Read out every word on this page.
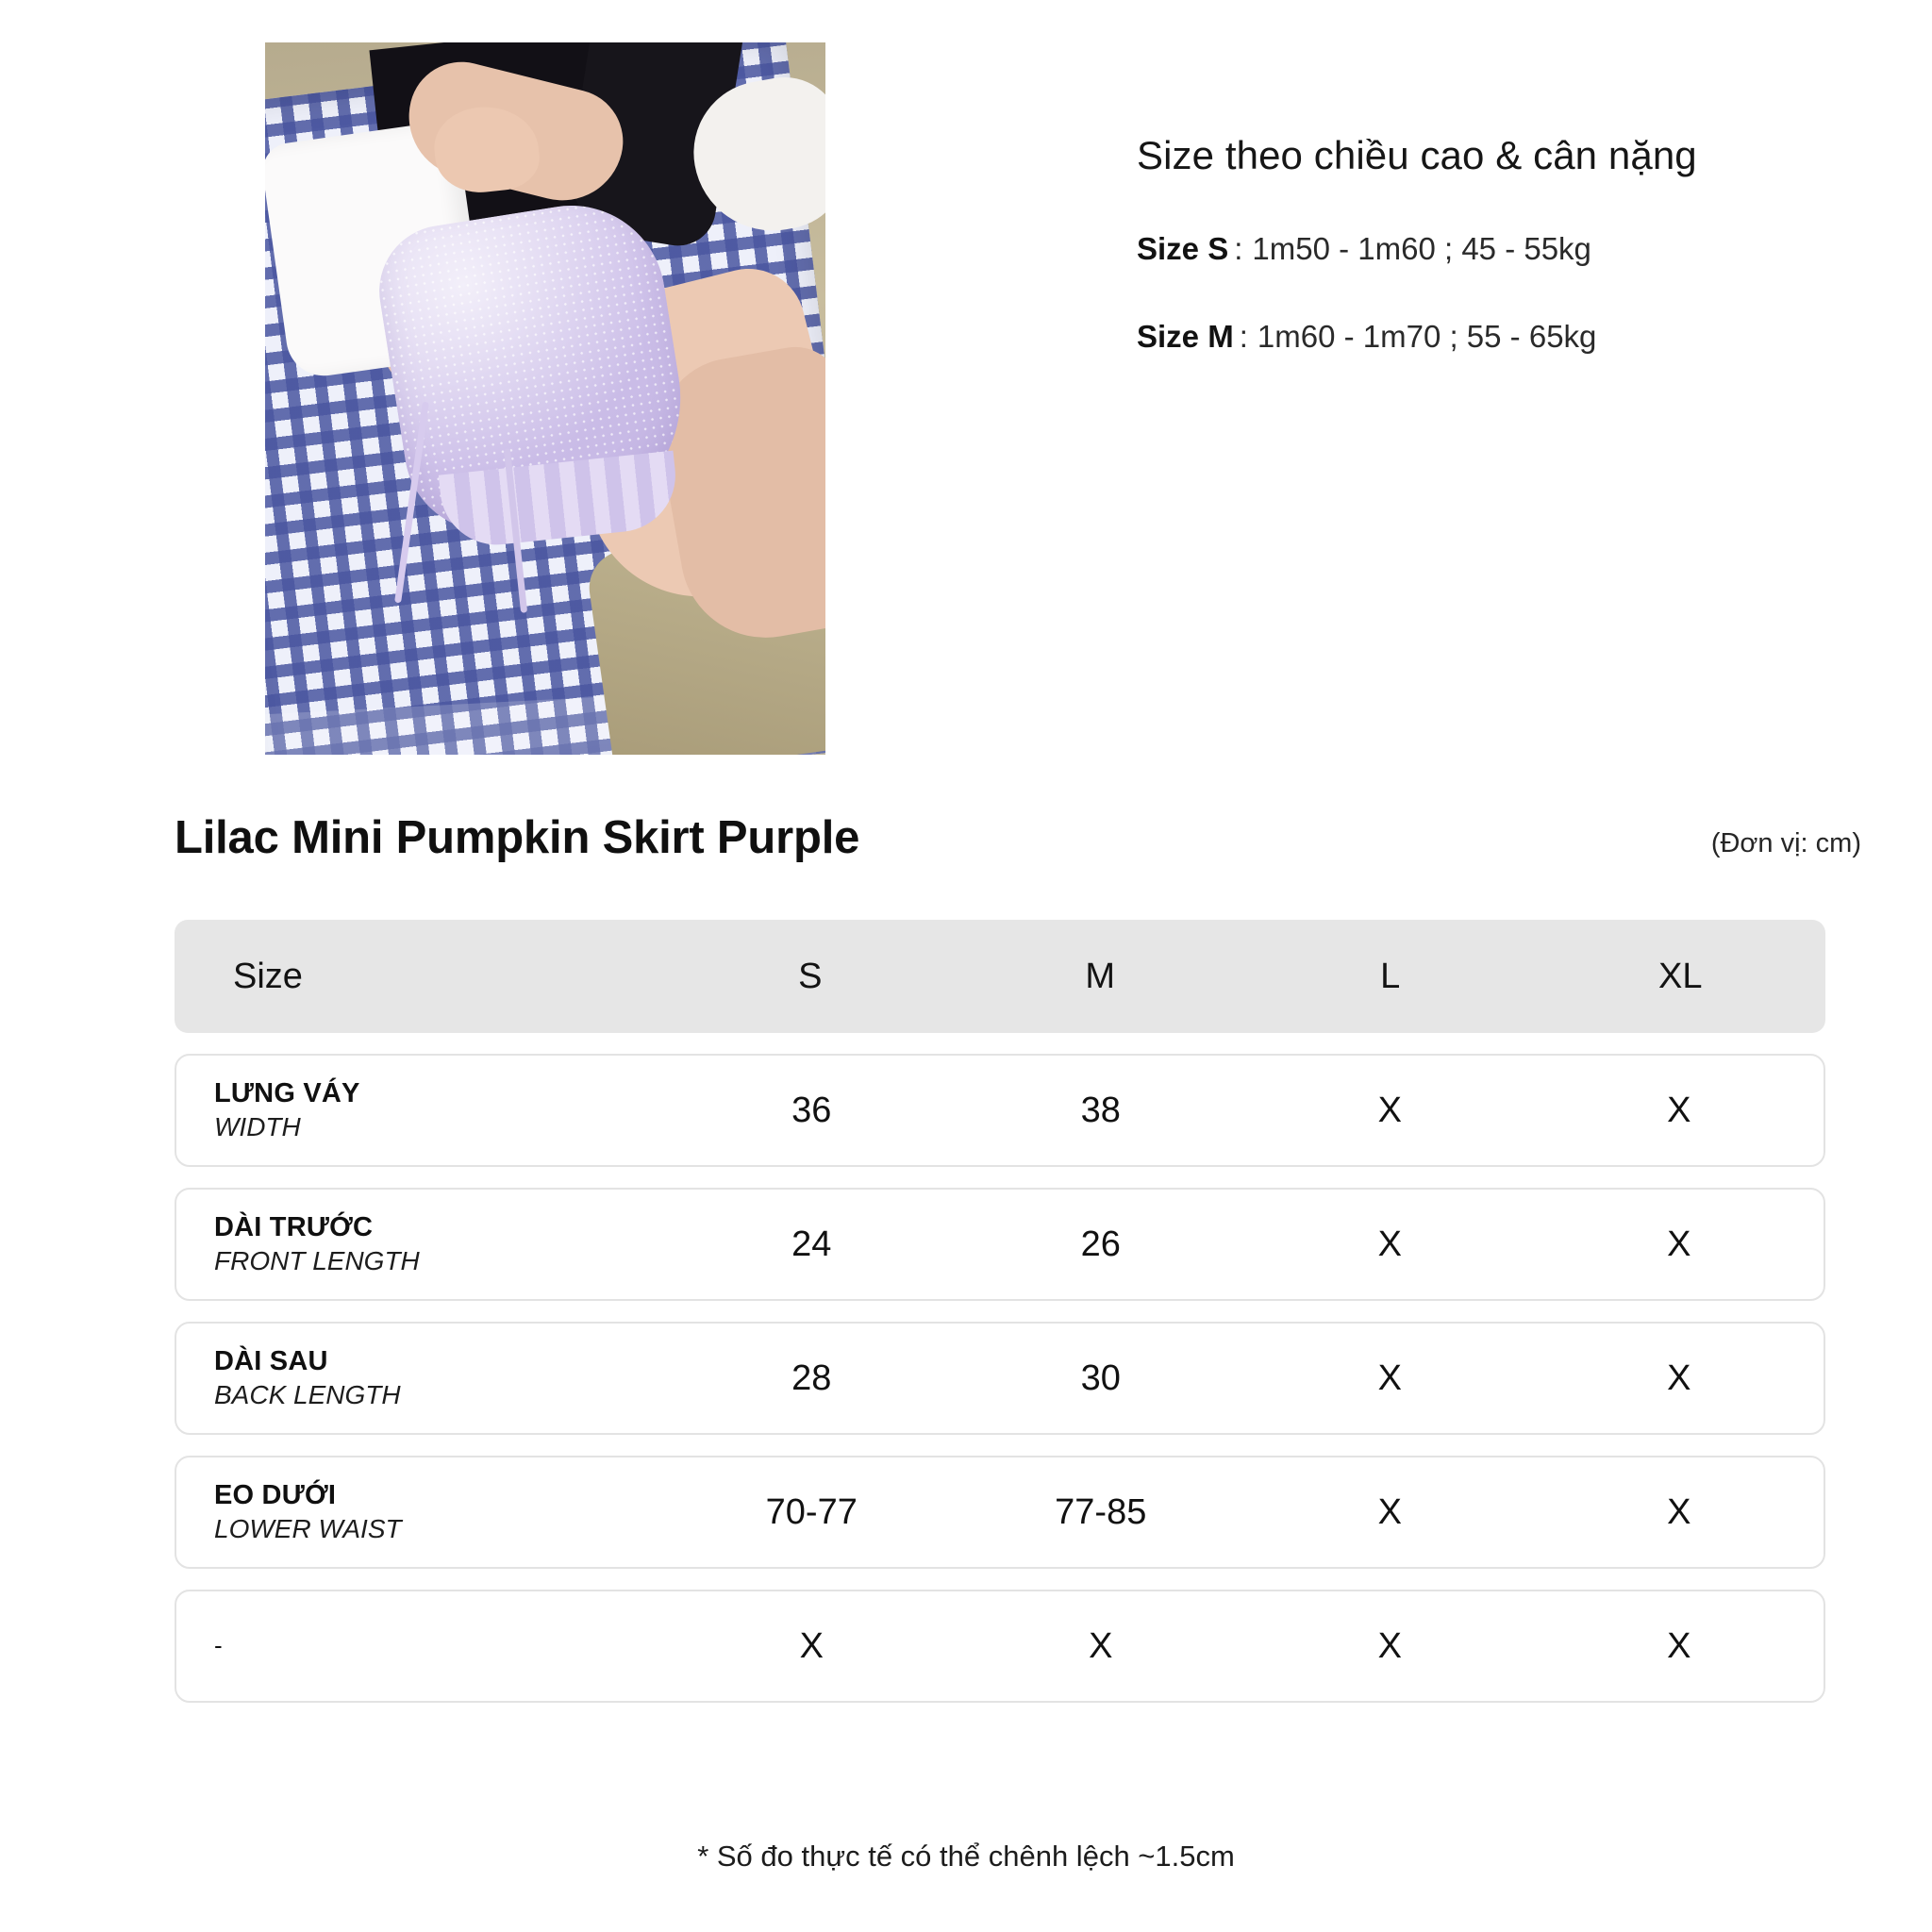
Size theo chiều cao & cân nặng
Size S : 1m50 - 1m60 ; 45 - 55kg
Size M : 1m60 - 1m70 ; 55 - 65kg
Lilac Mini Pumpkin Skirt Purple	(Đơn vị: cm)
Size	S	M	L	XL
LƯNG VÁY
WIDTH	36	38	X	X
DÀI TRƯỚC
FRONT LENGTH	24	26	X	X
DÀI SAU
BACK LENGTH	28	30	X	X
EO DƯỚI
LOWER WAIST	70-77	77-85	X	X
-	X	X	X	X
* Số đo thực tế có thể chênh lệch ~1.5cm
